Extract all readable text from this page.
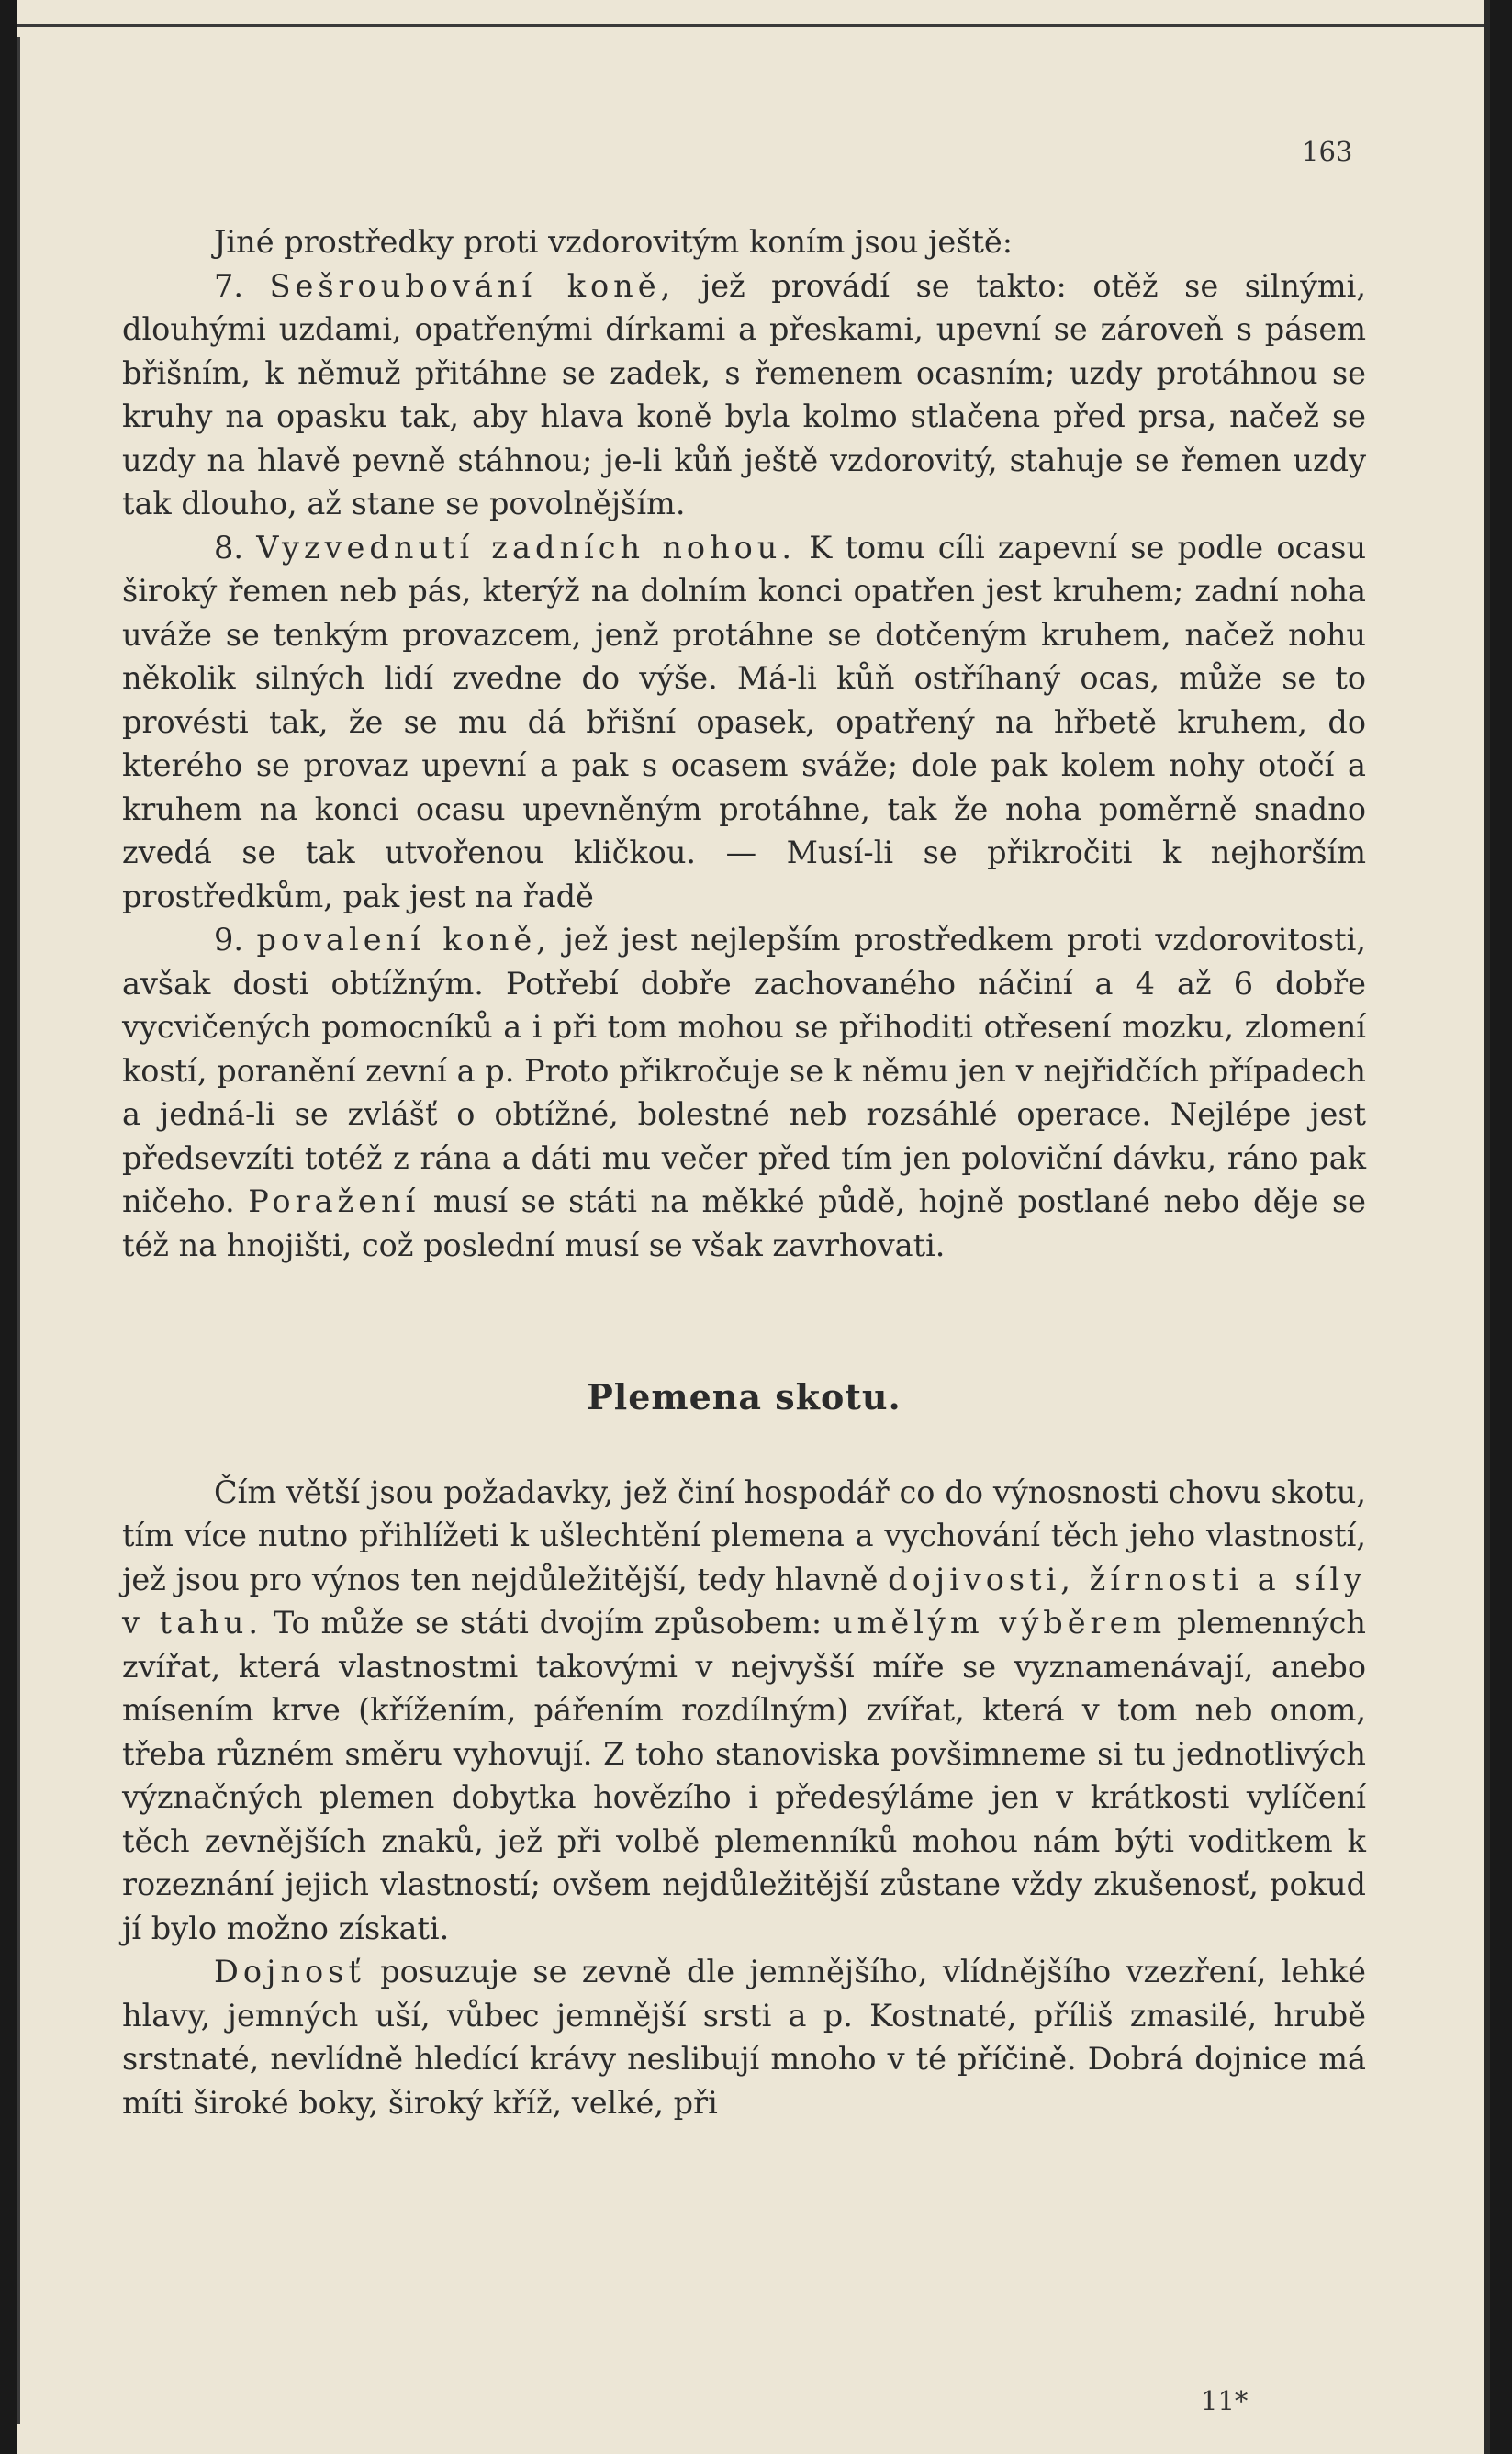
163

Jiné prostředky proti vzdorovitým koním jsou ještě:

7. Sešroubování koně, jež provádí se takto: otěž se silnými, dlouhými uzdami, opatřenými dírkami a přeskami, upevní se zároveň s pásem břišním, k němuž přitáhne se zadek, s řemenem ocasním; uzdy protáhnou se kruhy na opasku tak, aby hlava koně byla kolmo stlačena před prsa, načež se uzdy na hlavě pevně stáhnou; je-li kůň ještě vzdorovitý, stahuje se řemen uzdy tak dlouho, až stane se povolnějším.

8. Vyzvednutí zadních nohou. K tomu cíli zapevní se podle ocasu široký řemen neb pás, kterýž na dolním konci opatřen jest kruhem; zadní noha uváže se tenkým provazcem, jenž protáhne se dotčeným kruhem, načež nohu několik silných lidí zvedne do výše. Má-li kůň ostříhaný ocas, může se to provésti tak, že se mu dá břišní opasek, opatřený na hřbetě kruhem, do kterého se provaz upevní a pak s ocasem sváže; dole pak kolem nohy otočí a kruhem na konci ocasu upevněným protáhne, tak že noha poměrně snadno zvedá se tak utvořenou kličkou. — Musí-li se přikročiti k nejhorším prostředkům, pak jest na řadě

9. povalení koně, jež jest nejlepším prostředkem proti vzdorovitosti, avšak dosti obtížným. Potřebí dobře zachovaného náčiní a 4 až 6 dobře vycvičených pomocníků a i při tom mohou se přihoditi otřesení mozku, zlomení kostí, poranění zevní a p. Proto přikročuje se k němu jen v nejřidčích případech a jedná-li se zvlášť o obtížné, bolestné neb rozsáhlé operace. Nejlépe jest předsevzíti totéž z rána a dáti mu večer před tím jen poloviční dávku, ráno pak ničeho. Poražení musí se státi na měkké půdě, hojně postlané nebo děje se též na hnojišti, což poslední musí se však zavrhovati.

Plemena skotu.

Čím větší jsou požadavky, jež činí hospodář co do výnosnosti chovu skotu, tím více nutno přihlížeti k ušlechtění plemena a vychování těch jeho vlastností, jež jsou pro výnos ten nejdůležitější, tedy hlavně dojivosti, žírnosti a síly v tahu. To může se státi dvojím způsobem: umělým výběrem plemenných zvířat, která vlastnostmi takovými v nejvyšší míře se vyznamenávají, anebo mísením krve (křížením, pářením rozdílným) zvířat, která v tom neb onom, třeba různém směru vyhovují. Z toho stanoviska povšimneme si tu jednotlivých význačných plemen dobytka hovězího i předesýláme jen v krátkosti vylíčení těch zevnějších znaků, jež při volbě plemenníků mohou nám býti voditkem k rozeznání jejich vlastností; ovšem nejdůležitější zůstane vždy zkušenosť, pokud jí bylo možno získati.

Dojnosť posuzuje se zevně dle jemnějšího, vlídnějšího vzezření, lehké hlavy, jemných uší, vůbec jemnější srsti a p. Kostnaté, příliš zmasilé, hrubě srstnaté, nevlídně hledící krávy neslibují mnoho v té příčině. Dobrá dojnice má míti široké boky, široký kříž, velké, při

11*
